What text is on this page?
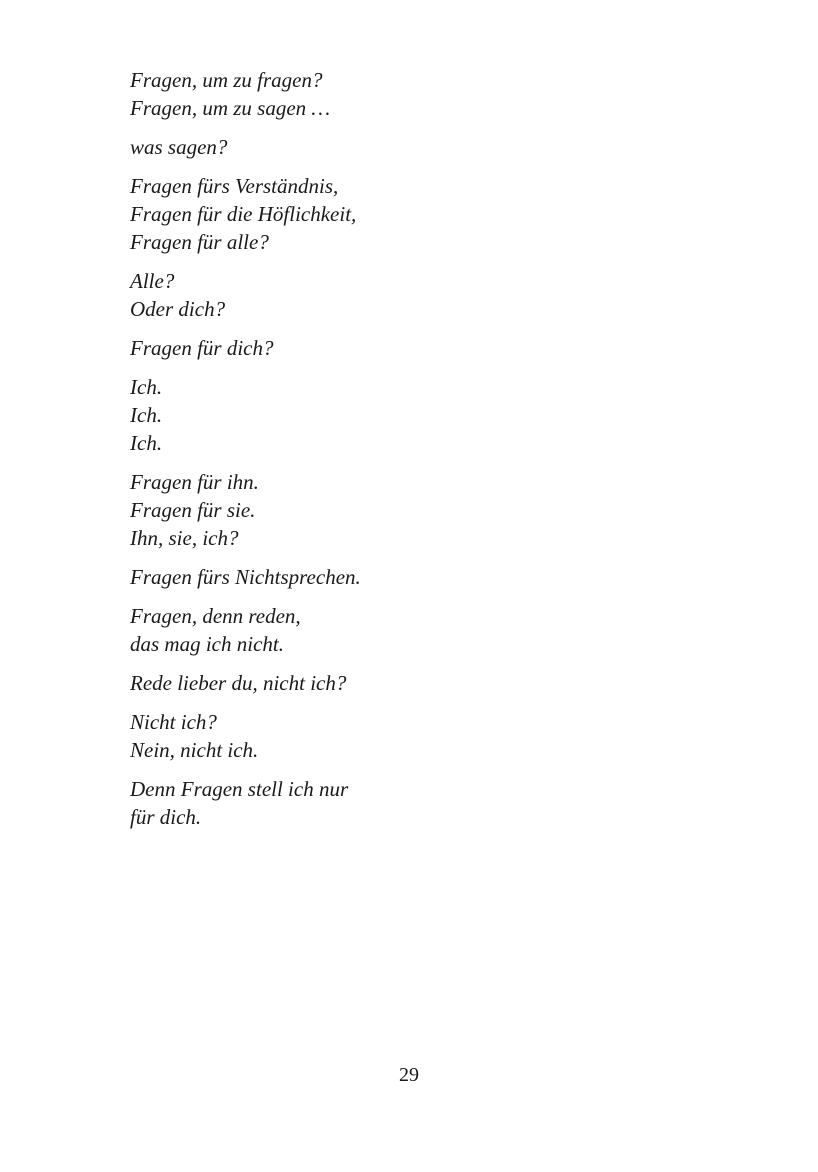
Fragen, um zu fragen?
Fragen, um zu sagen …
was sagen?
Fragen fürs Verständnis,
Fragen für die Höflichkeit,
Fragen für alle?
Alle?
Oder dich?
Fragen für dich?
Ich.
Ich.
Ich.
Fragen für ihn.
Fragen für sie.
Ihn, sie, ich?
Fragen fürs Nichtsprechen.
Fragen, denn reden,
das mag ich nicht.
Rede lieber du, nicht ich?
Nicht ich?
Nein, nicht ich.
Denn Fragen stell ich nur
für dich.
29
